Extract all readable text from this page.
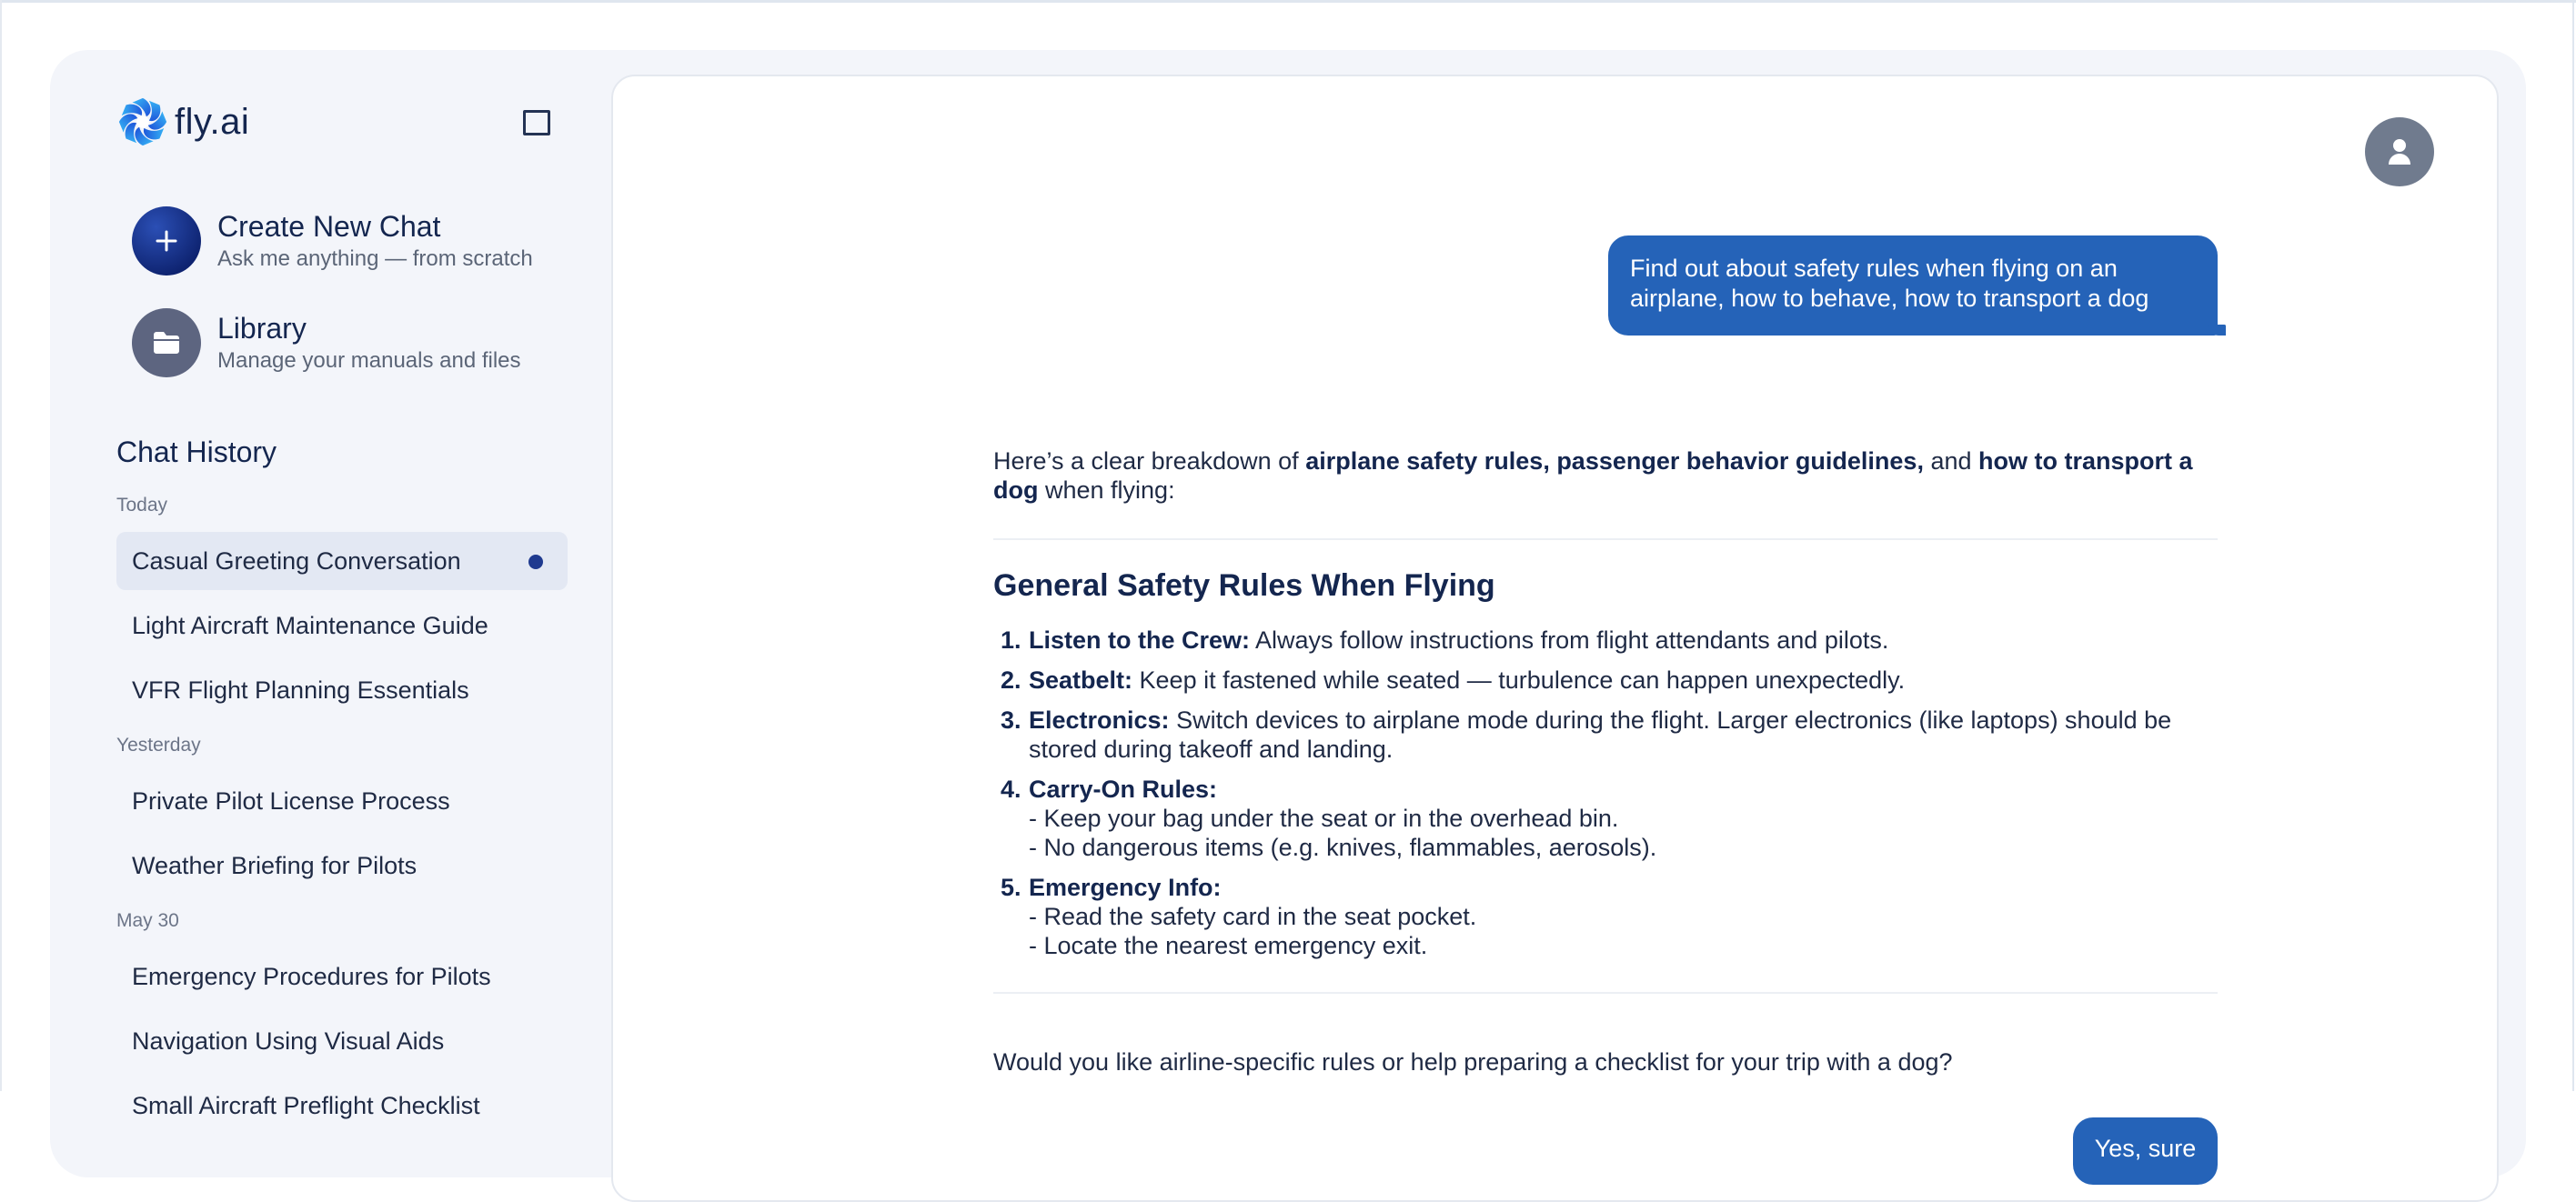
fly.ai
Create New Chat
Ask me anything — from scratch
Library
Manage your manuals and files
Chat History
Today
Casual Greeting Conversation
Light Aircraft Maintenance Guide
VFR Flight Planning Essentials
Yesterday
Private Pilot License Process
Weather Briefing for Pilots
May 30
Emergency Procedures for Pilots
Navigation Using Visual Aids
Small Aircraft Preflight Checklist
Find out about safety rules when flying on an airplane, how to behave, how to transport a dog
Here’s a clear breakdown of airplane safety rules, passenger behavior guidelines, and how to transport a dog when flying:
General Safety Rules When Flying
1. Listen to the Crew: Always follow instructions from flight attendants and pilots.
2. Seatbelt: Keep it fastened while seated — turbulence can happen unexpectedly.
3. Electronics: Switch devices to airplane mode during the flight. Larger electronics (like laptops) should be stored during takeoff and landing.
4. Carry-On Rules:
- Keep your bag under the seat or in the overhead bin.
- No dangerous items (e.g. knives, flammables, aerosols).
5. Emergency Info:
- Read the safety card in the seat pocket.
- Locate the nearest emergency exit.
Would you like airline-specific rules or help preparing a checklist for your trip with a dog?
Yes, sure
